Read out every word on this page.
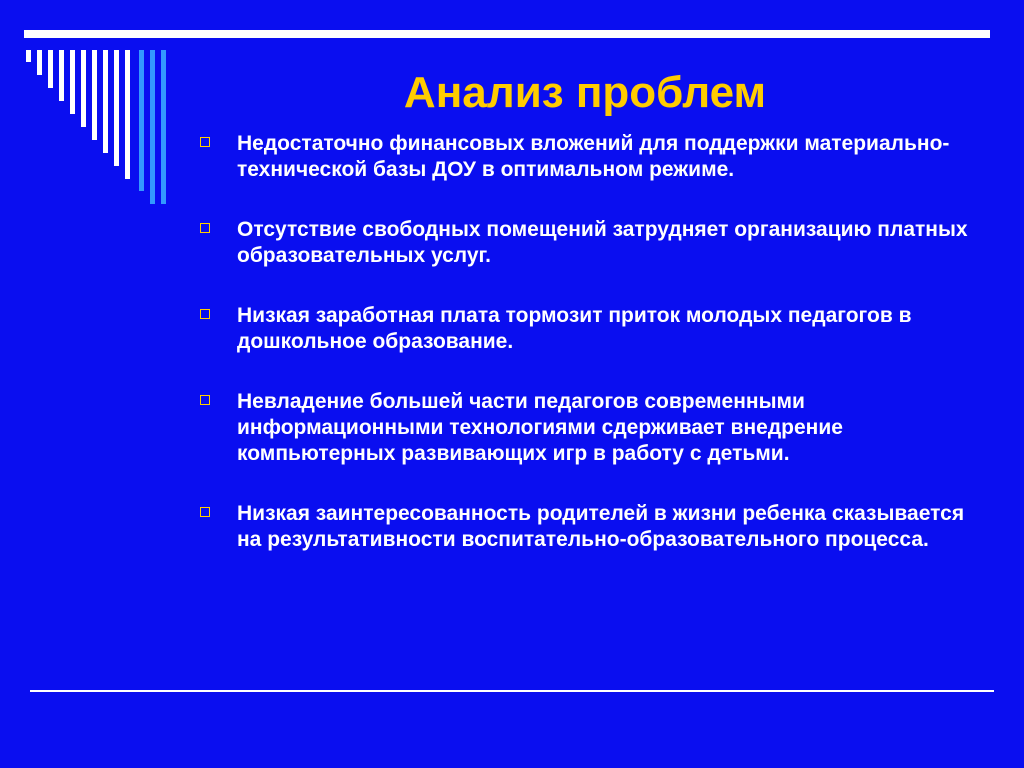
Анализ проблем
Недостаточно финансовых вложений для поддержки материально-технической базы ДОУ в оптимальном режиме.
Отсутствие свободных помещений затрудняет организацию платных образовательных услуг.
Низкая заработная плата тормозит приток молодых педагогов в дошкольное образование.
Невладение большей части педагогов современными информационными технологиями сдерживает внедрение компьютерных развивающих игр в работу с детьми.
Низкая заинтересованность родителей в жизни ребенка сказывается на результативности воспитательно-образовательного процесса.
